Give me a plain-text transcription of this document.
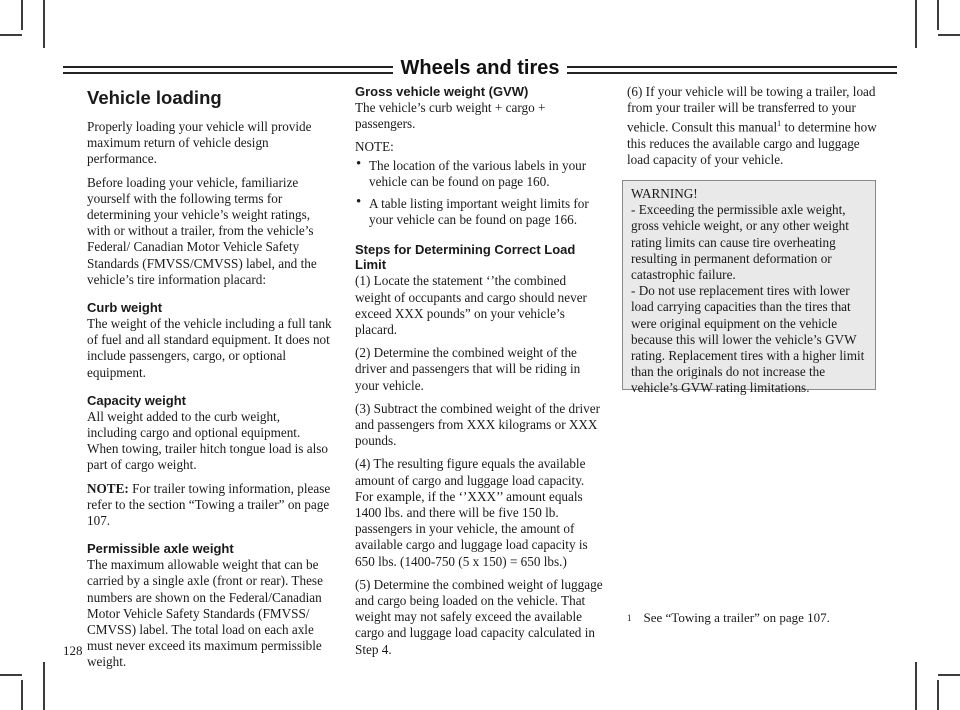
Wheels and tires
Vehicle loading

Properly loading your vehicle will provide maximum return of vehicle design performance.

Before loading your vehicle, familiarize yourself with the following terms for determining your vehicle’s weight ratings, with or without a trailer, from the vehicle’s Federal/ Canadian Motor Vehicle Safety Standards (FMVSS/CMVSS) label, and the vehicle’s tire information placard:

Curb weight

The weight of the vehicle including a full tank of fuel and all standard equipment. It does not include passengers, cargo, or optional equipment.

Capacity weight

All weight added to the curb weight, including cargo and optional equipment. When towing, trailer hitch tongue load is also part of cargo weight.

NOTE: For trailer towing information, please refer to the section “Towing a trailer” on page 107.

Permissible axle weight

The maximum allowable weight that can be carried by a single axle (front or rear). These numbers are shown on the Federal/Canadian Motor Vehicle Safety Standards (FMVSS/ CMVSS) label. The total load on each axle must never exceed its maximum permissible weight.

Gross vehicle weight (GVW)

The vehicle’s curb weight + cargo + passengers.

NOTE:

• The location of the various labels in your vehicle can be found on page 160.
• A table listing important weight limits for your vehicle can be found on page 166.
Steps for Determining Correct Load Limit

(1) Locate the statement ‘’the combined weight of occupants and cargo should never exceed XXX pounds” on your vehicle’s placard.

(2) Determine the combined weight of the driver and passengers that will be riding in your vehicle.

(3) Subtract the combined weight of the driver and passengers from XXX kilograms or XXX pounds.

(4) The resulting figure equals the available amount of cargo and luggage load capacity. For example, if the ‘’XXX’’ amount equals 1400 lbs. and there will be five 150 lb. passengers in your vehicle, the amount of available cargo and luggage load capacity is 650 lbs. (1400-750 (5 x 150) = 650 lbs.)

(5) Determine the combined weight of luggage and cargo being loaded on the vehicle. That weight may not safely exceed the available cargo and luggage load capacity calculated in Step 4.

(6) If your vehicle will be towing a trailer, load from your trailer will be transferred to your vehicle. Consult this manual$^1$ to determine how this reduces the available cargo and luggage load capacity of your vehicle.

WARNING!
- Exceeding the permissible axle weight, gross vehicle weight, or any other weight rating limits can cause tire overheating resulting in permanent deformation or catastrophic failure.
- Do not use replacement tires with lower load carrying capacities than the tires that were original equipment on the vehicle because this will lower the vehicle’s GVW rating. Replacement tires with a higher limit than the originals do not increase the vehicle’s GVW rating limitations.
$^1$ See “Towing a trailer” on page 107.
128
